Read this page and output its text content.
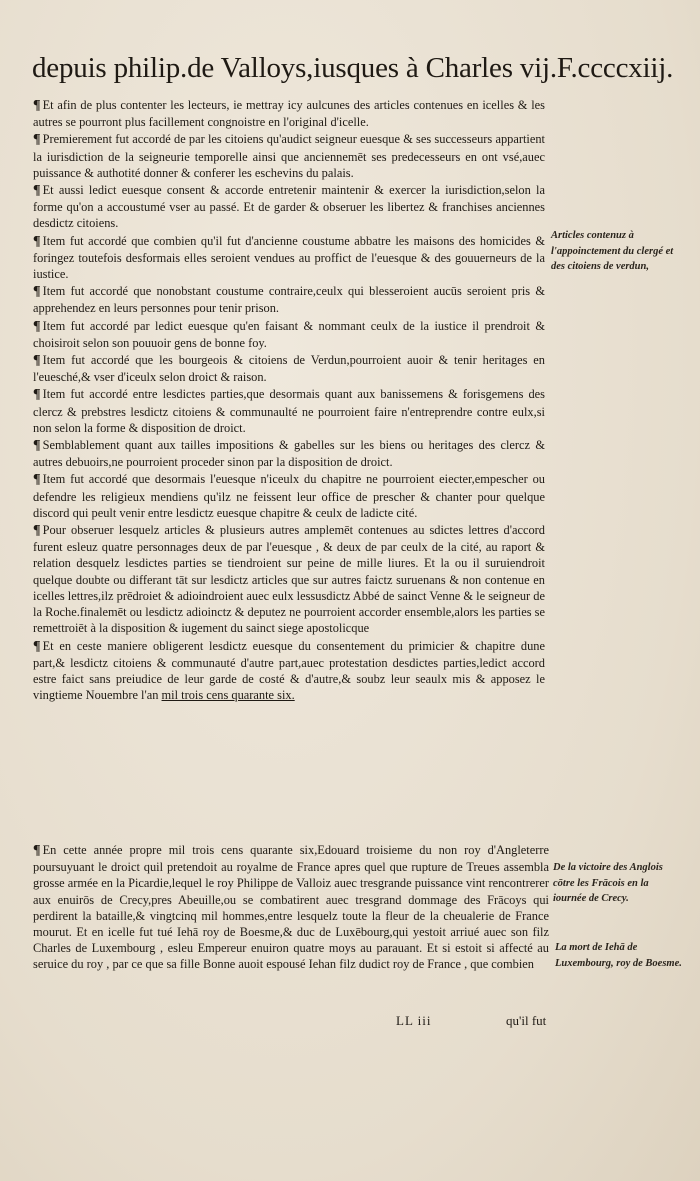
depuis philip.de Valloys,iusques à Charles vij.F.ccccxiij.

¶ Et afin de plus contenter les lecteurs, ie mettray icy aulcunes des articles contenues en icelles & les autres se pourront plus facillement congnoistre en l'original d'icelle.

¶ Premierement fut accordé de par les citoiens qu'audict seigneur euesque & ses successeurs appartient la iurisdiction de la seigneurie temporelle ainsi que anciennemēt ses predecesseurs en ont vsé,auec puissance & authotité donner & conferer les eschevins du palais.

¶ Et aussi ledict euesque consent & accorde entretenir maintenir & exercer la iurisdiction,selon la forme qu'on a accoustumé vser au passé. Et de garder & obseruer les libertez & franchises anciennes desdictz citoiens.

¶ Item fut accordé que combien qu'il fut d'ancienne coustume abbatre les maisons des homicides & foringez toutefois desformais elles seroient vendues au proffict de l'euesque & des gouuerneurs de la iustice.

¶ Item fut accordé que nonobstant coustume contraire,ceulx qui blesseroient aucūs seroient pris & apprehendez en leurs personnes pour tenir prison.

¶ Item fut accordé par ledict euesque qu'en faisant & nommant ceulx de la iustice il prendroit & choisiroit selon son pouuoir gens de bonne foy.

¶ Item fut accordé que les bourgeois & citoiens de Verdun,pourroient auoir & tenir heritages en l'euesché,& vser d'iceulx selon droict & raison.

¶ Item fut accordé entre lesdictes parties,que desormais quant aux banissemens & forisgemens des clercz & prebstres lesdictz citoiens & communaulté ne pourroient faire n'entreprendre contre eulx,si non selon la forme & disposition de droict.

¶ Semblablement quant aux tailles impositions & gabelles sur les biens ou heritages des clercz & autres debuoirs,ne pourroient proceder sinon par la disposition de droict.

¶ Item fut accordé que desormais l'euesque n'iceulx du chapitre ne pourroient eiecter,empescher ou defendre les religieux mendiens qu'ilz ne feissent leur office de prescher & chanter pour quelque discord qui peult venir entre lesdictz euesque chapitre & ceulx de ladicte cité.

¶ Pour obseruer lesquelz articles & plusieurs autres amplemēt contenues au sdictes lettres d'accord furent esleuz quatre personnages deux de par l'euesque , & deux de par ceulx de la cité, au raport & relation desquelz lesdictes parties se tiendroient sur peine de mille liures. Et la ou il suruiendroit quelque doubte ou differant tāt sur lesdictz articles que sur autres faictz suruenans & non contenue en icelles lettres,ilz prēdroiet & adioindroient auec eulx lessusdictz Abbé de sainct Venne & le seigneur de la Roche.finalemēt ou lesdictz adioinctz & deputez ne pourroient accorder ensemble,alors les parties se remettroiēt à la disposition & iugement du sainct siege apostolicque

¶ Et en ceste maniere obligerent lesdictz euesque du consentement du primicier & chapitre dune part,& lesdictz citoiens & communauté d'autre part,auec protestation desdictes parties,ledict accord estre faict sans preiudice de leur garde de costé & d'autre,& soubz leur seaulx mis & apposez le vingtieme Nouembre l'an mil trois cens quarante six.

¶ En cette année propre mil trois cens quarante six,Edouard troisieme du non roy d'Angleterre poursuyuant le droict quil pretendoit au royalme de France apres quel que rupture de Treues assembla grosse armée en la Picardie,lequel le roy Philippe de Valloiz auec tresgrande puissance vint rencontrerer aux enuirōs de Crecy,pres Abeuille,ou se combatirent auec tresgrand dommage des Frācoys qui perdirent la bataille,& vingtcinq mil hommes,entre lesquelz toute la fleur de la cheualerie de France mourut. Et en icelle fut tué Iehā roy de Boesme,& duc de Luxēbourg,qui yestoit arriué auec son filz Charles de Luxembourg , esleu Empereur enuiron quatre moys au parauant. Et si estoit si affecté au seruice du roy , par ce que sa fille Bonne auoit espousé Iehan filz dudict roy de France , que combien

Articles contenuz à l'appoinctement du clergé et des citoiens de verdun,

De la victoire des Anglois cōtre les Frācois en la iournée de Crecy.

La mort de Iehā de Luxembourg, roy de Boesme.

LL iii	qu'il fut
